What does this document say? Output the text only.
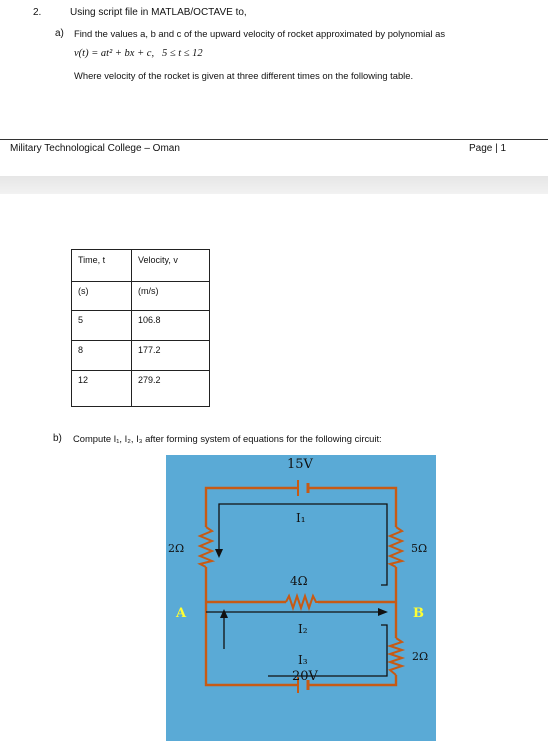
2.	Using script file in MATLAB/OCTAVE to,
a) Find the values a, b and c of the upward velocity of rocket approximated by polynomial as
v(t) = at² + bx + c,   5 ≤ t ≤ 12
Where velocity of the rocket is given at three different times on the following table.
Military Technological College – Oman	Page | 1
Time, t	Velocity, v
(s)	(m/s)
5	106.8
8	177.2
12	279.2
b) Compute I₁, I₂, I₃ after forming system of equations for the following circuit:
15V
20V
I₁
2Ω	5Ω
4Ω
A	B
I₂
2Ω
I₃
